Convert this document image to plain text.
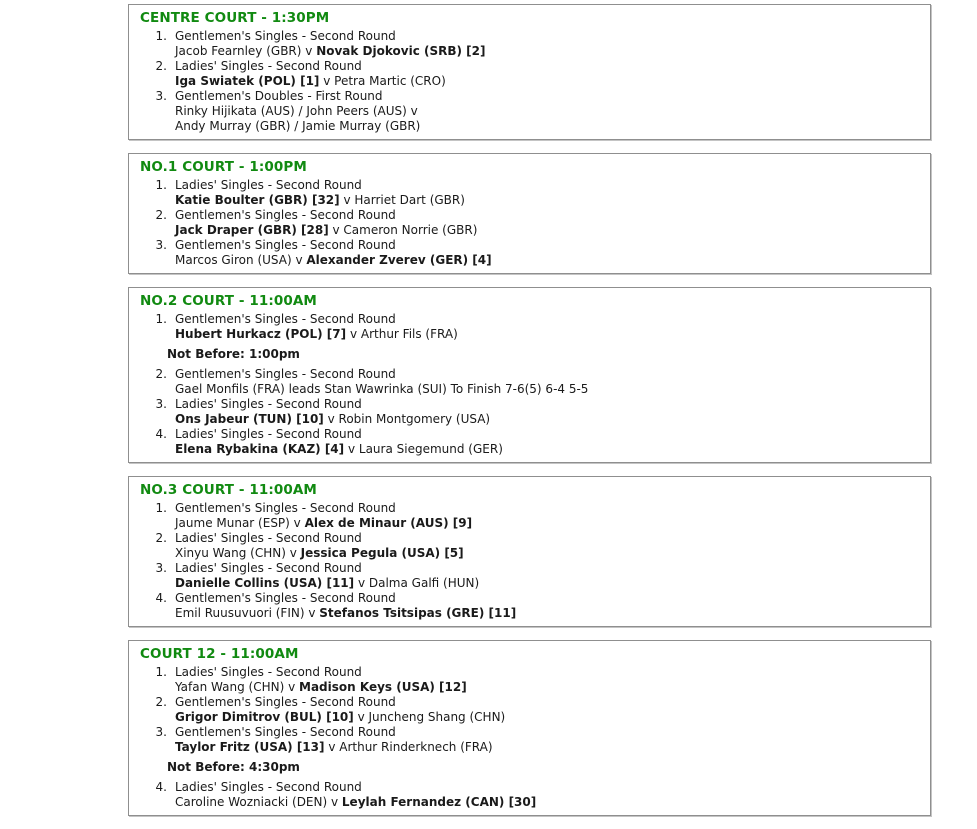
CENTRE COURT - 1:30PM
1. Gentlemen's Singles - Second Round
Jacob Fearnley (GBR) v Novak Djokovic (SRB) [2]
2. Ladies' Singles - Second Round
Iga Swiatek (POL) [1] v Petra Martic (CRO)
3. Gentlemen's Doubles - First Round
Rinky Hijikata (AUS) / John Peers (AUS) v
Andy Murray (GBR) / Jamie Murray (GBR)
NO.1 COURT - 1:00PM
1. Ladies' Singles - Second Round
Katie Boulter (GBR) [32] v Harriet Dart (GBR)
2. Gentlemen's Singles - Second Round
Jack Draper (GBR) [28] v Cameron Norrie (GBR)
3. Gentlemen's Singles - Second Round
Marcos Giron (USA) v Alexander Zverev (GER) [4]
NO.2 COURT - 11:00AM
1. Gentlemen's Singles - Second Round
Hubert Hurkacz (POL) [7] v Arthur Fils (FRA)
Not Before: 1:00pm
2. Gentlemen's Singles - Second Round
Gael Monfils (FRA) leads Stan Wawrinka (SUI) To Finish 7-6(5) 6-4 5-5
3. Ladies' Singles - Second Round
Ons Jabeur (TUN) [10] v Robin Montgomery (USA)
4. Ladies' Singles - Second Round
Elena Rybakina (KAZ) [4] v Laura Siegemund (GER)
NO.3 COURT - 11:00AM
1. Gentlemen's Singles - Second Round
Jaume Munar (ESP) v Alex de Minaur (AUS) [9]
2. Ladies' Singles - Second Round
Xinyu Wang (CHN) v Jessica Pegula (USA) [5]
3. Ladies' Singles - Second Round
Danielle Collins (USA) [11] v Dalma Galfi (HUN)
4. Gentlemen's Singles - Second Round
Emil Ruusuvuori (FIN) v Stefanos Tsitsipas (GRE) [11]
COURT 12 - 11:00AM
1. Ladies' Singles - Second Round
Yafan Wang (CHN) v Madison Keys (USA) [12]
2. Gentlemen's Singles - Second Round
Grigor Dimitrov (BUL) [10] v Juncheng Shang (CHN)
3. Gentlemen's Singles - Second Round
Taylor Fritz (USA) [13] v Arthur Rinderknech (FRA)
Not Before: 4:30pm
4. Ladies' Singles - Second Round
Caroline Wozniacki (DEN) v Leylah Fernandez (CAN) [30]
